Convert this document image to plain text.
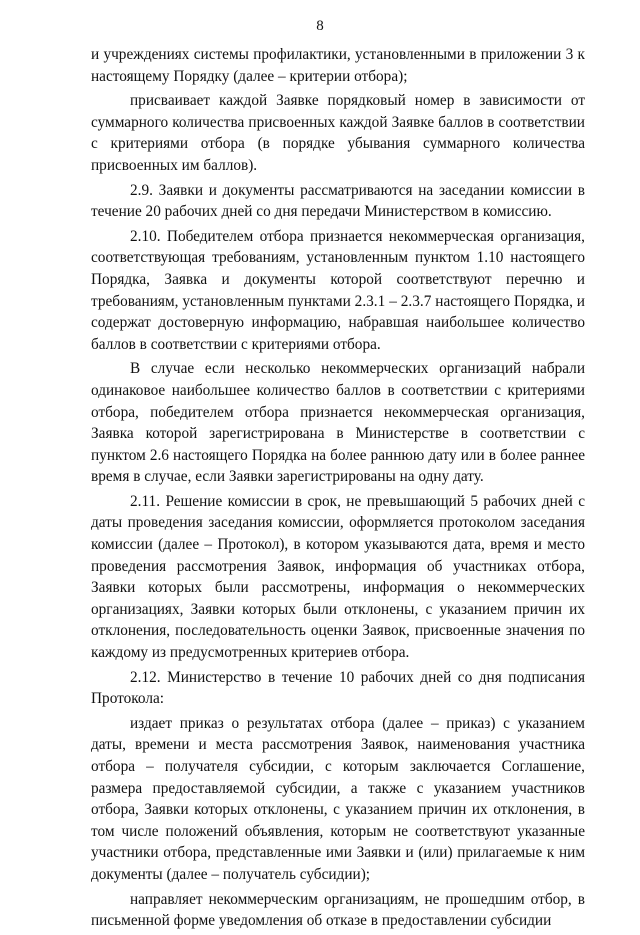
8

и учреждениях системы профилактики, установленными в приложении 3 к настоящему Порядку (далее – критерии отбора);

присваивает каждой Заявке порядковый номер в зависимости от суммарного количества присвоенных каждой Заявке баллов в соответствии с критериями отбора (в порядке убывания суммарного количества присвоенных им баллов).

2.9. Заявки и документы рассматриваются на заседании комиссии в течение 20 рабочих дней со дня передачи Министерством в комиссию.

2.10. Победителем отбора признается некоммерческая организация, соответствующая требованиям, установленным пунктом 1.10 настоящего Порядка, Заявка и документы которой соответствуют перечню и требованиям, установленным пунктами 2.3.1 – 2.3.7 настоящего Порядка, и содержат достоверную информацию, набравшая наибольшее количество баллов в соответствии с критериями отбора.

В случае если несколько некоммерческих организаций набрали одинаковое наибольшее количество баллов в соответствии с критериями отбора, победителем отбора признается некоммерческая организация, Заявка которой зарегистрирована в Министерстве в соответствии с пунктом 2.6 настоящего Порядка на более раннюю дату или в более раннее время в случае, если Заявки зарегистрированы на одну дату.

2.11. Решение комиссии в срок, не превышающий 5 рабочих дней с даты проведения заседания комиссии, оформляется протоколом заседания комиссии (далее – Протокол), в котором указываются дата, время и место проведения рассмотрения Заявок, информация об участниках отбора, Заявки которых были рассмотрены, информация о некоммерческих организациях, Заявки которых были отклонены, с указанием причин их отклонения, последовательность оценки Заявок, присвоенные значения по каждому из предусмотренных критериев отбора.

2.12. Министерство в течение 10 рабочих дней со дня подписания Протокола:

издает приказ о результатах отбора (далее – приказ) с указанием даты, времени и места рассмотрения Заявок, наименования участника отбора – получателя субсидии, с которым заключается Соглашение, размера предоставляемой субсидии, а также с указанием участников отбора, Заявки которых отклонены, с указанием причин их отклонения, в том числе положений объявления, которым не соответствуют указанные участники отбора, представленные ими Заявки и (или) прилагаемые к ним документы (далее – получатель субсидии);

направляет некоммерческим организациям, не прошедшим отбор, в письменной форме уведомления об отказе в предоставлении субсидии
